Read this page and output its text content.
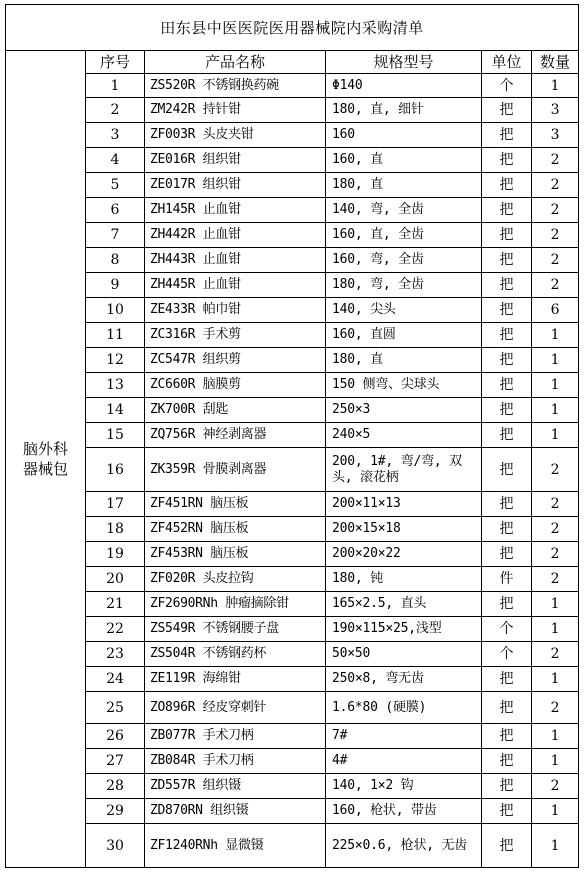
田东县中医医院医用器械院内采购清单					
脑外科器械包	序号	产品名称	规格型号	单位	数量
	1	ZS520R 不锈钢换药碗	Φ140	个	1
	2	ZM242R 持针钳	180, 直, 细针	把	3
	3	ZF003R 头皮夹钳	160	把	3
	4	ZE016R 组织钳	160, 直	把	2
	5	ZE017R 组织钳	180, 直	把	2
	6	ZH145R 止血钳	140, 弯, 全齿	把	2
	7	ZH442R 止血钳	160, 直, 全齿	把	2
	8	ZH443R 止血钳	160, 弯, 全齿	把	2
	9	ZH445R 止血钳	180, 弯, 全齿	把	2
	10	ZE433R 帕巾钳	140, 尖头	把	6
	11	ZC316R 手术剪	160, 直圆	把	1
	12	ZC547R 组织剪	180, 直	把	1
	13	ZC660R 脑膜剪	150 侧弯、尖球头	把	1
	14	ZK700R 刮匙	250×3	把	1
	15	ZQ756R 神经剥离器	240×5	把	1
	16	ZK359R 骨膜剥离器	200, 1#, 弯/弯, 双头, 滚花柄	把	2
	17	ZF451RN 脑压板	200×11×13	把	2
	18	ZF452RN 脑压板	200×15×18	把	2
	19	ZF453RN 脑压板	200×20×22	把	2
	20	ZF020R 头皮拉钩	180, 钝	件	2
	21	ZF2690RNh 肿瘤摘除钳	165×2.5, 直头	把	1
	22	ZS549R 不锈钢腰子盘	190×115×25,浅型	个	1
	23	ZS504R 不锈钢药杯	50×50	个	2
	24	ZE119R 海绵钳	250×8, 弯无齿	把	1
	25	ZO896R 经皮穿刺针	1.6*80 (硬膜)	把	2
	26	ZB077R 手术刀柄	7#	把	1
	27	ZB084R 手术刀柄	4#	把	1
	28	ZD557R 组织镊	140, 1×2 钩	把	2
	29	ZD870RN 组织镊	160, 枪状, 带齿	把	1
	30	ZF1240RNh 显微镊	225×0.6, 枪状, 无齿	把	1
